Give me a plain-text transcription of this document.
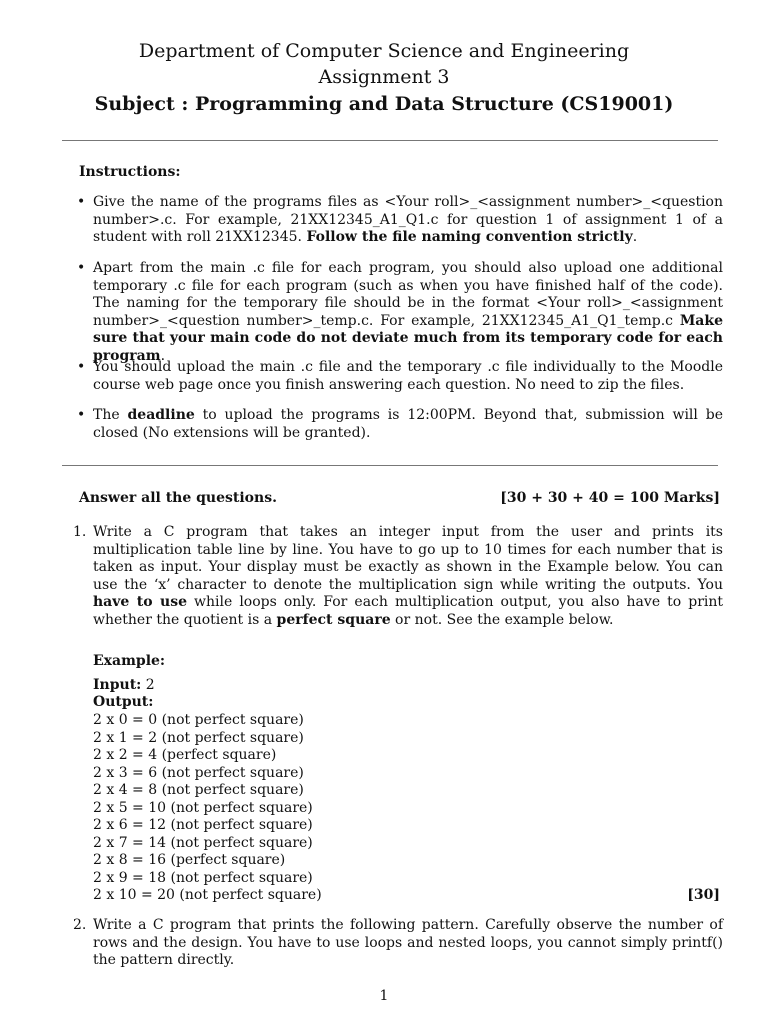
Department of Computer Science and Engineering
Assignment 3
Subject : Programming and Data Structure (CS19001)
Instructions:
• Give the name of the programs files as <Your roll>_<assignment number>_<question number>.c. For example, 21XX12345_A1_Q1.c for question 1 of assignment 1 of a student with roll 21XX12345. Follow the file naming convention strictly.
• Apart from the main .c file for each program, you should also upload one additional temporary .c file for each program (such as when you have finished half of the code). The naming for the temporary file should be in the format <Your roll>_<assignment number>_<question number>_temp.c. For example, 21XX12345_A1_Q1_temp.c Make sure that your main code do not deviate much from its temporary code for each program.
• You should upload the main .c file and the temporary .c file individually to the Moodle course web page once you finish answering each question. No need to zip the files.
• The deadline to upload the programs is 12:00PM. Beyond that, submission will be closed (No extensions will be granted).
Answer all the questions.	[30 + 30 + 40 = 100 Marks]
1. Write a C program that takes an integer input from the user and prints its multiplication table line by line. You have to go up to 10 times for each number that is taken as input. Your display must be exactly as shown in the Example below. You can use the ‘x’ character to denote the multiplication sign while writing the outputs. You have to use while loops only. For each multiplication output, you also have to print whether the quotient is a perfect square or not. See the example below.
Example:
Input: 2
Output:
2 x 0 = 0 (not perfect square)
2 x 1 = 2 (not perfect square)
2 x 2 = 4 (perfect square)
2 x 3 = 6 (not perfect square)
2 x 4 = 8 (not perfect square)
2 x 5 = 10 (not perfect square)
2 x 6 = 12 (not perfect square)
2 x 7 = 14 (not perfect square)
2 x 8 = 16 (perfect square)
2 x 9 = 18 (not perfect square)
2 x 10 = 20 (not perfect square)	[30]
2. Write a C program that prints the following pattern. Carefully observe the number of rows and the design. You have to use loops and nested loops, you cannot simply printf() the pattern directly.
1
